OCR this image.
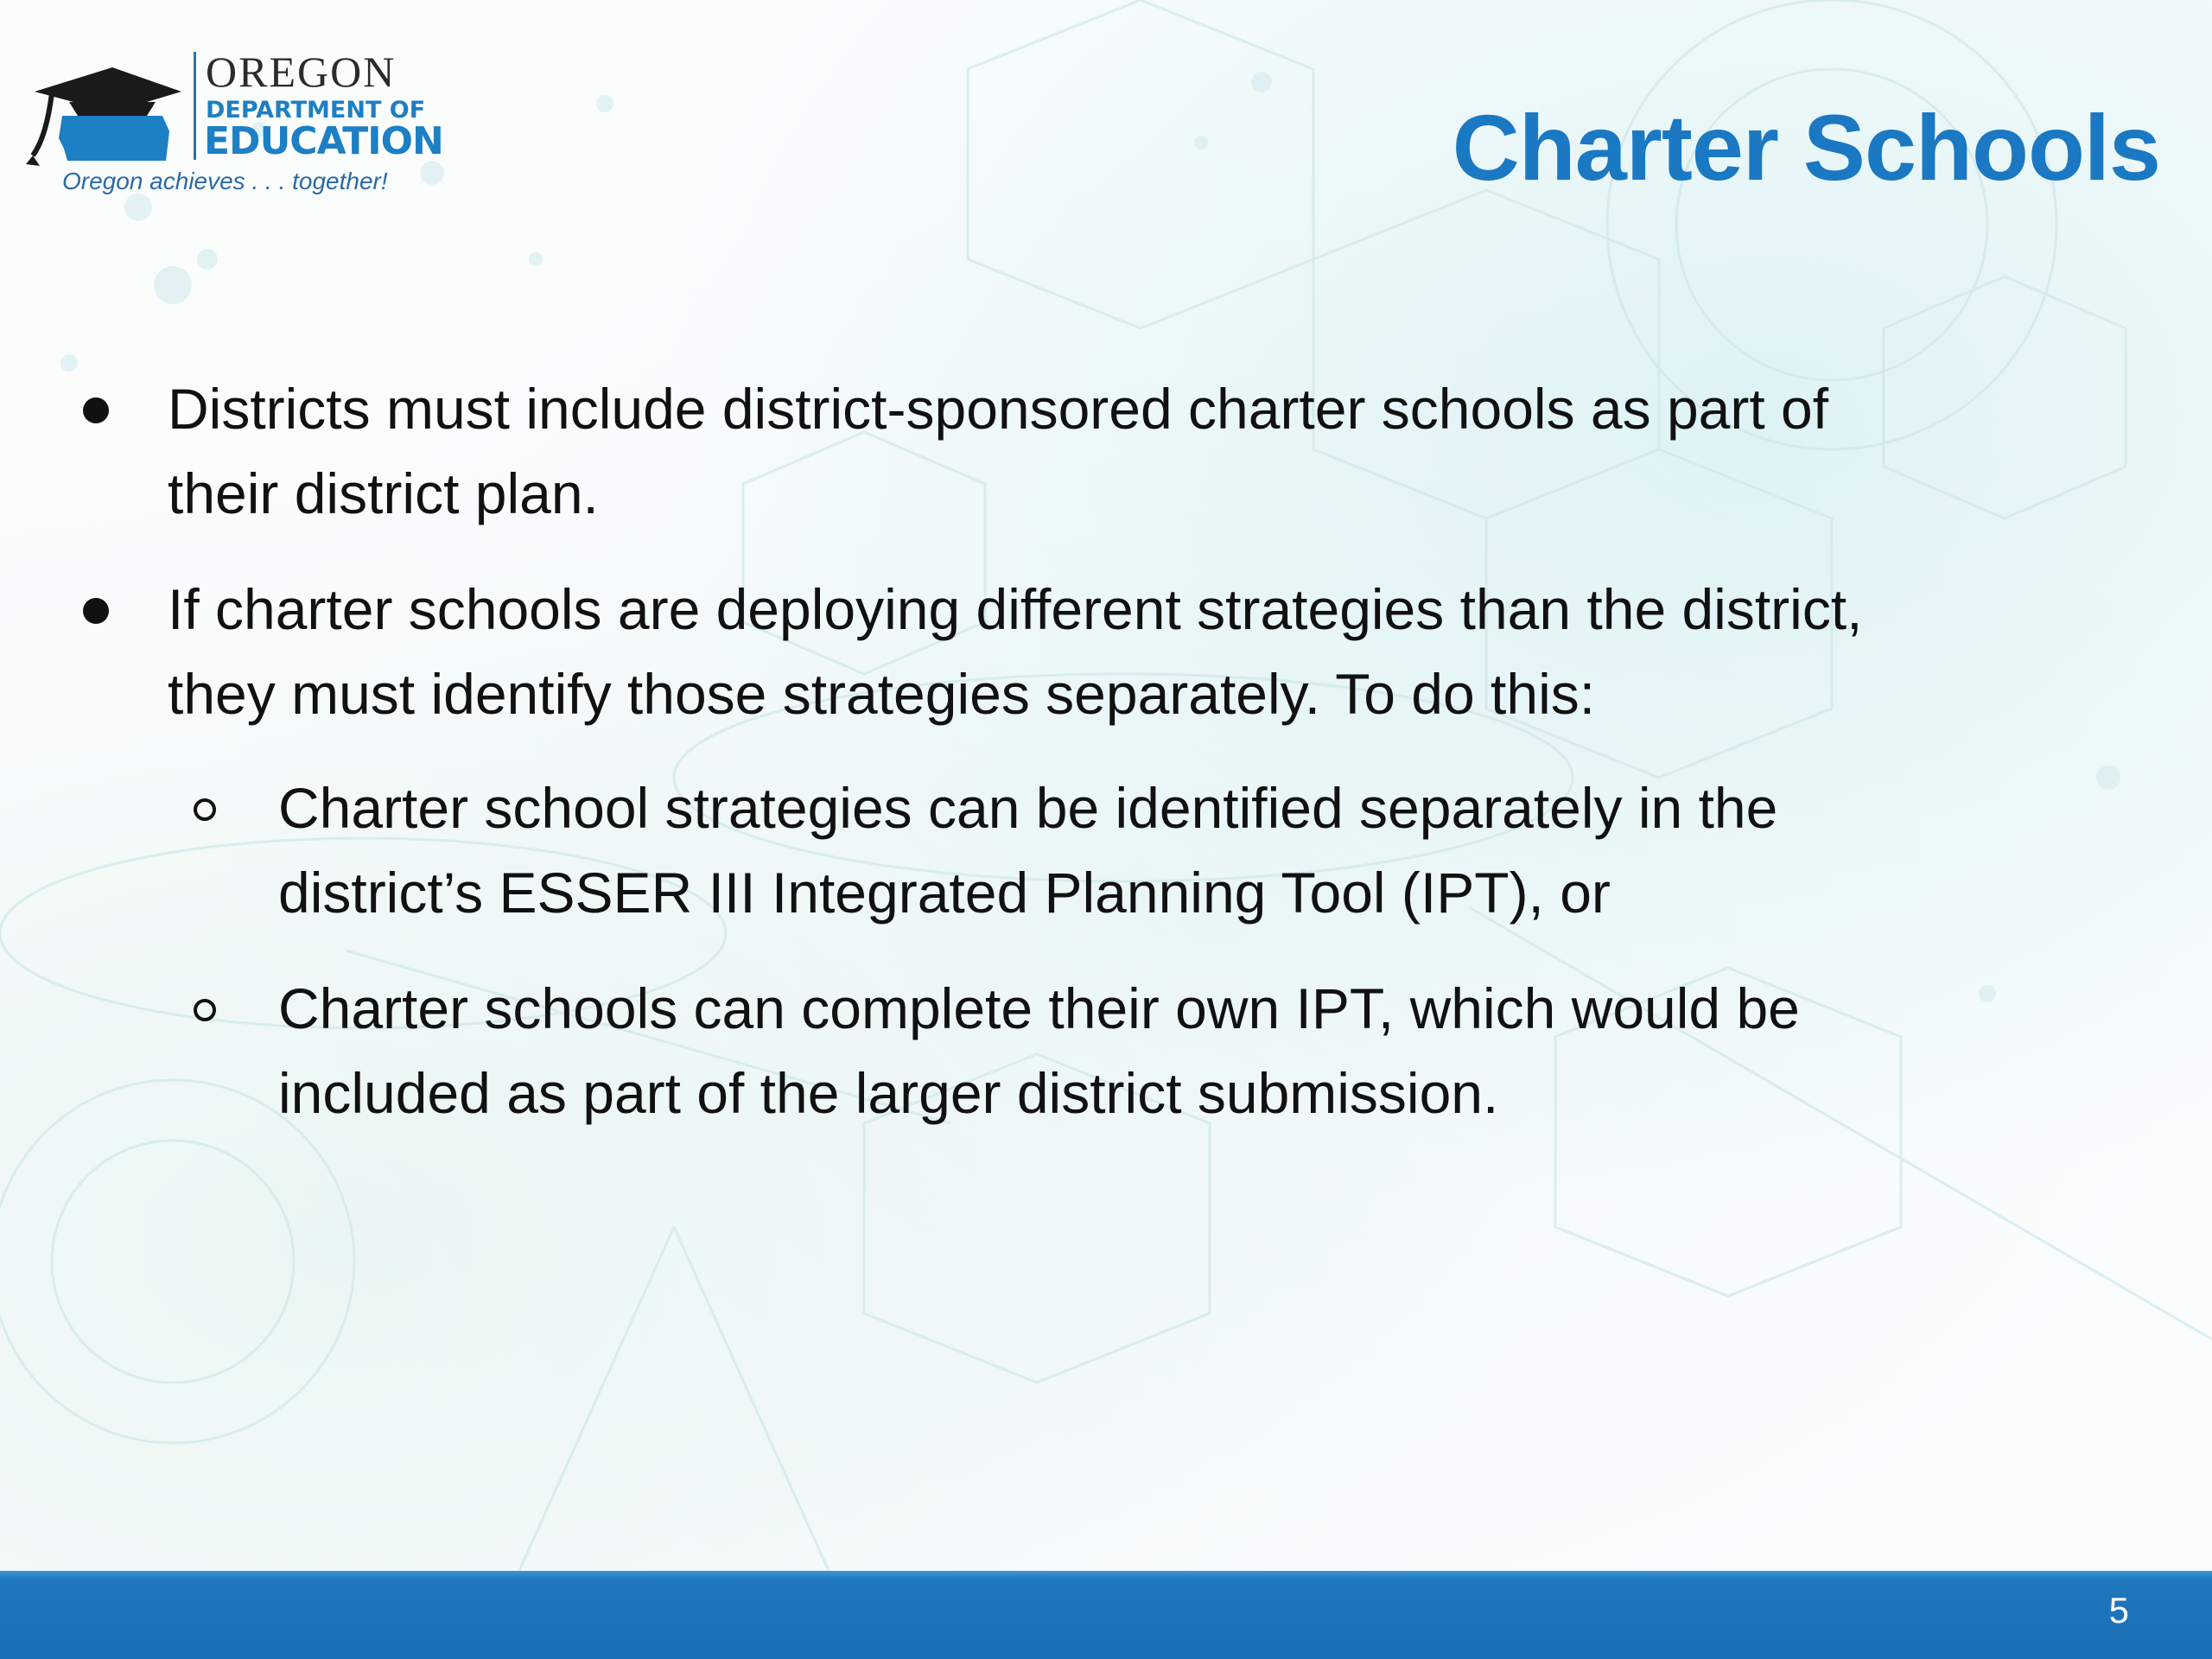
OREGON
DEPARTMENT OF
EDUCATION
Oregon achieves . . . together!	Charter Schools
Districts must include district-sponsored charter schools as part of
their district plan.
If charter schools are deploying different strategies than the district,
they must identify those strategies separately. To do this:
Charter school strategies can be identified separately in the
district’s ESSER III Integrated Planning Tool (IPT), or
Charter schools can complete their own IPT, which would be
included as part of the larger district submission.
5
